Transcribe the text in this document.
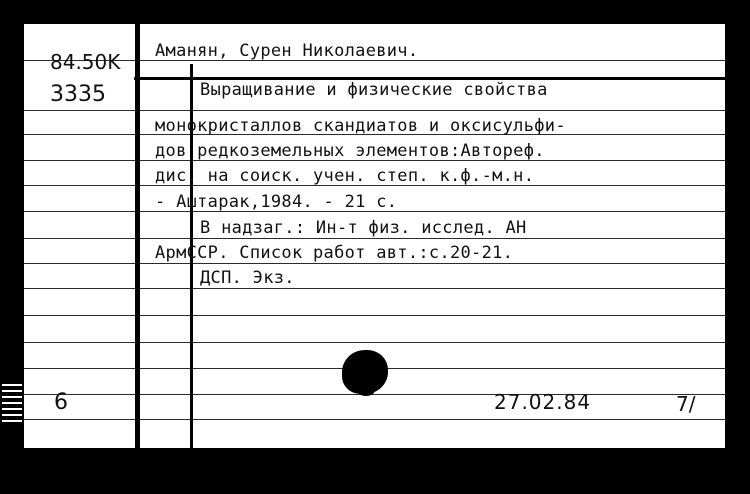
84.50K
3335
6
Аманян, Сурен Николаевич.
Выращивание и физические свойства
монокристаллов скандиатов и оксисульфи-
дов редкоземельных элементов:Автореф.
дис. на соиск. учен. степ. к.ф.-м.н.
- Аштарак,1984. - 21 с.
В надзаг.: Ин-т физ. исслед. АН
АрмССР. Список работ авт.:с.20-21.
ДСП. Экз.
27.02.84	7/
